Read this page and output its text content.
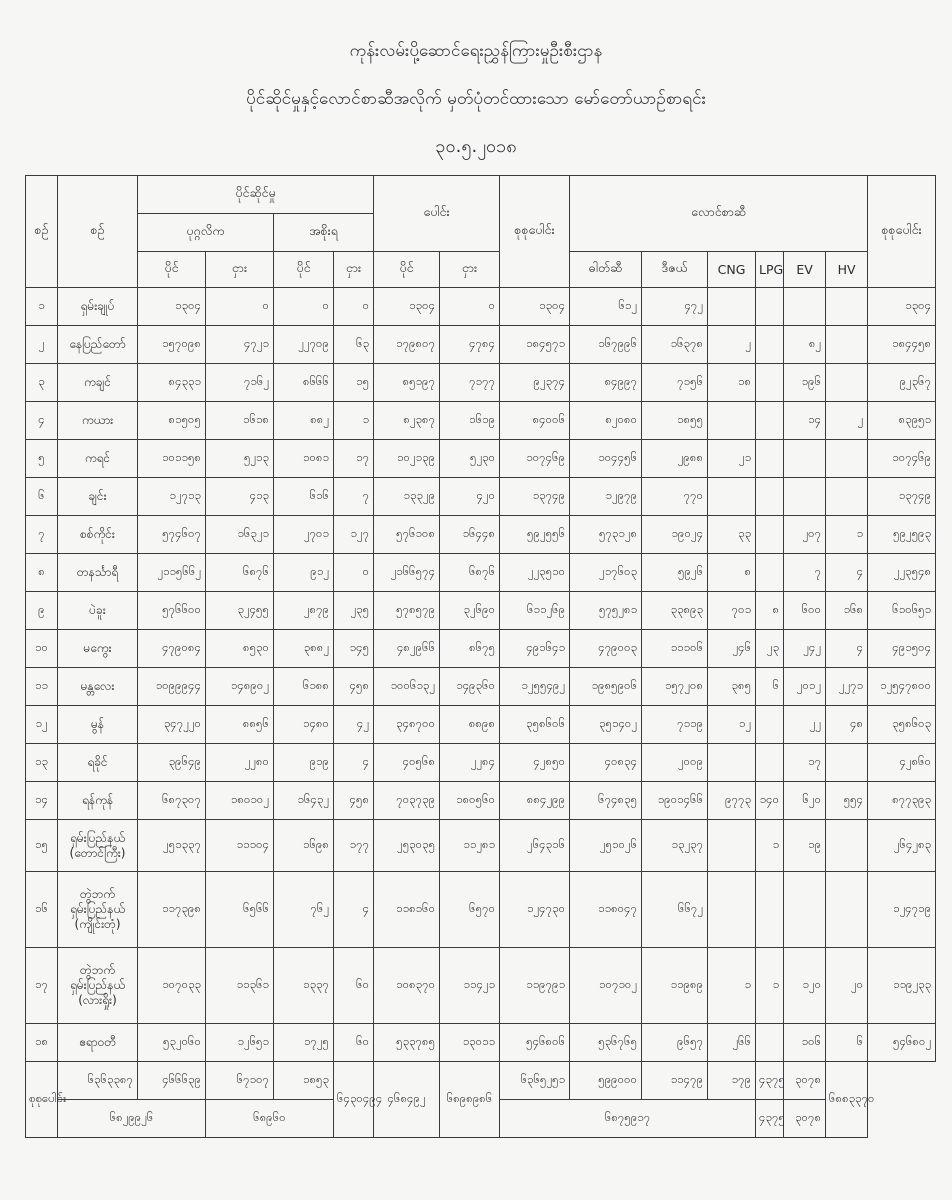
ကုန်းလမ်းပို့ဆောင်ရေးညွှန်ကြားမှုဦးစီးဌာန
ပိုင်ဆိုင်မှုနှင့်လောင်စာဆီအလိုက် မှတ်ပုံတင်ထားသော မော်တော်ယာဥ်စာရင်း
၃၀.၅.၂၀၁၈
စဥ်	စဥ်	ပိုင်ဆိုင်မှု				ပေါင်း		စုစုပေါင်း	လောင်စာဆီ						စုစုပေါင်း
		ပုဂ္ဂလိက		အစိုးရ											
		ပိုင်	ငှား	ပိုင်	ငှား	ပိုင်	ငှား		ဓါတ်ဆီ	ဒီဇယ်	CNG	LPG	EV	HV	
၁	ရှမ်းချုပ်	၁၃၀၄	၀	၀	၀	၁၃၀၄	၀	၁၃၀၄	၆၁၂	၄၇၂					၁၃၀၄
၂	နေပြည်တော်	၁၅၇၀၉၈	၄၇၂၁	၂၂၇၀၉	၆၃	၁၇၉၈၀၇	၄၇၈၄	၁၈၄၅၇၁	၁၆၇၉၉၆	၁၆၃၇၈	၂		၈၂		၁၈၄၄၅၈
၃	ကချင်	၈၄၃၃၁	၇၁၆၂	၈၆၆၆	၁၅	၈၅၁၉၇	၇၁၇၇	၉၂၃၇၄	၈၄၉၉၇	၇၁၅၆	၁၈		၁၉၆		၉၂၃၆၇
၄	ကယား	၈၁၅၀၅	၁၆၁၈	၈၈၂	၁	၈၂၃၈၇	၁၆၁၉	၈၄၀၀၆	၈၂၀၈၀	၁၈၅၅			၁၄	၂	၈၃၉၅၁
၅	ကရင်	၁၀၁၁၅၈	၅၂၁၃	၁၀၈၁	၁၇	၁၀၂၁၃၉	၅၂၃၀	၁၀၇၄၆၉	၁၀၄၄၅၆	၂၉၈၈	၂၁				၁၀၇၄၆၉
၆	ချင်း	၁၂၇၁၃	၄၁၃	၆၁၆	၇	၁၃၃၂၉	၄၂၀	၁၃၇၄၉	၁၂၉၇၉	၇၇၀					၁၃၇၄၉
၇	စစ်ကိုင်း	၅၇၄၆၀၇	၁၆၃၂၁	၂၇၀၁	၁၂၇	၅၇၆၁၀၈	၁၆၄၄၈	၅၉၂၅၅၆	၅၇၃၁၂၈	၁၉၀၂၄	၃၃		၂၀၇	၁	၅၉၂၅၉၃
၈	တနင်္သာရီ	၂၁၁၅၆၆၂	၆၈၇၆	၉၁၂	၀	၂၁၆၆၅၇၄	၆၈၇၆	၂၂၃၅၁၀	၂၁၇၆၀၃	၅၉၂၆	၈		၇	၄	၂၂၃၅၄၈
၉	ပဲခူး	၅၇၆၆၀၀	၃၂၄၅၅	၂၈၇၉	၂၃၅	၅၇၈၅၇၉	၃၂၆၉၀	၆၁၁၂၆၉	၅၇၅၂၈၁	၃၃၈၉၃	၇၀၁	၈	၆၀၀	၁၆၈	၆၁၀၆၅၁
၁၀	မကွေး	၄၇၉၀၈၄	၈၅၃၀	၃၈၈၂	၁၄၅	၄၈၂၉၆၆	၈၆၇၅	၄၉၁၆၄၁	၄၇၉၀၀၃	၁၁၁၀၆	၂၄၆	၂၃	၂၄၂	၄	၄၉၁၅၀၄
၁၁	မန္တလေး	၁၀၉၉၉၄၄	၁၄၈၉၀၂	၆၁၈၈	၄၅၈	၁၀၀၆၁၃၂	၁၄၉၃၆၀	၁၂၅၅၄၉၂	၁၉၈၅၉၀၆	၁၅၇၂၀၈	၃၈၅	၆	၂၀၁၂	၂၂၇၁	၁၂၅၄၇၈၀၀
၁၂	မွန်	၃၄၇၂၂၀	၈၈၅၆	၁၄၈၀	၄၂	၃၄၈၇၀၀	၈၈၉၈	၃၅၈၆၀၆	၃၅၁၄၀၂	၇၁၁၉	၁၂		၂၂	၄၈	၃၅၈၆၀၃
၁၃	ရခိုင်	၃၉၆၄၉	၂၂၈၀	၉၁၉	၄	၄၀၅၆၈	၂၂၈၄	၄၂၈၅၀	၄၀၈၃၄	၂၀၀၉			၁၇		၄၂၈၆၀
၁၄	ရန်ကုန်	၆၈၇၃၀၇	၁၈၀၁၀၂	၁၆၄၃၂	၄၅၈	၇၀၃၇၃၉	၁၈၀၅၆၀	၈၈၄၂၉၉	၆၇၄၈၃၅	၁၉၀၁၄၆၆	၉၇၇၃	၁၄၀	၆၂၀	၅၅၄	၈၇၇၃၉၃
၁၅	ရှမ်းပြည်နယ်
(တောင်ကြီး)	၂၅၁၃၃၇	၁၁၁၀၄	၁၆၉၈	၁၇၇	၂၅၃၀၃၅	၁၁၂၈၁	၂၆၄၃၁၆	၂၅၁၀၂၆	၁၃၂၃၇		၁	၁၉		၂၆၄၂၈၃
၁၆	တွဲဘက်
ရှမ်းပြည်နယ်
(ကျိုင်းတုံ)	၁၁၇၃၉၈	၆၅၆၆	၇၆၂	၄	၁၁၈၁၆၀	၆၅၇၀	၁၂၄၇၃၀	၁၁၈၀၄၇	၆၆၇၂					၁၂၄၇၁၉
၁၇	တွဲဘက်
ရှမ်းပြည်နယ်
(လားရှိုး)	၁၀၇၀၃၃	၁၁၃၆၁	၁၃၃၇	၆၀	၁၀၈၃၇၀	၁၁၄၂၁	၁၁၉၇၉၁	၁၀၇၁၀၂	၁၁၉၈၉	၁	၁	၁၂၀	၂၀	၁၁၉၂၃၃
၁၈	ဧရာဝတီ	၅၃၂၀၆၀	၁၂၆၅၁	၁၇၂၅	၆၀	၅၃၃၇၈၅	၁၃၀၁၁	၅၄၆၈၀၆	၅၃၆၇၆၅	၉၆၅၇	၂၆၆		၁၀၆	၆	၅၄၆၈၀၂
စုစုပေါင်း	၆၃၆၃၃၈၇	၄၆၆၆၃၉	၆၇၁၀၇	၁၈၅၃	၆၄၃၀၄၉၄	၄၆၈၄၉၂	၆၈၉၈၉၈၆	၆၃၆၅၂၅၁	၅၉၉၀၀၀	၁၁၄၇၉	၁၇၉	၄၃၇၅	၃၀၇၈	၆၈၈၃၃၇၀	
	၆၈၂၉၉၂၆		၆၈၉၆၀					၆၈၇၅၉၁၇				၄၃၇၅	၃၀၇၈		
